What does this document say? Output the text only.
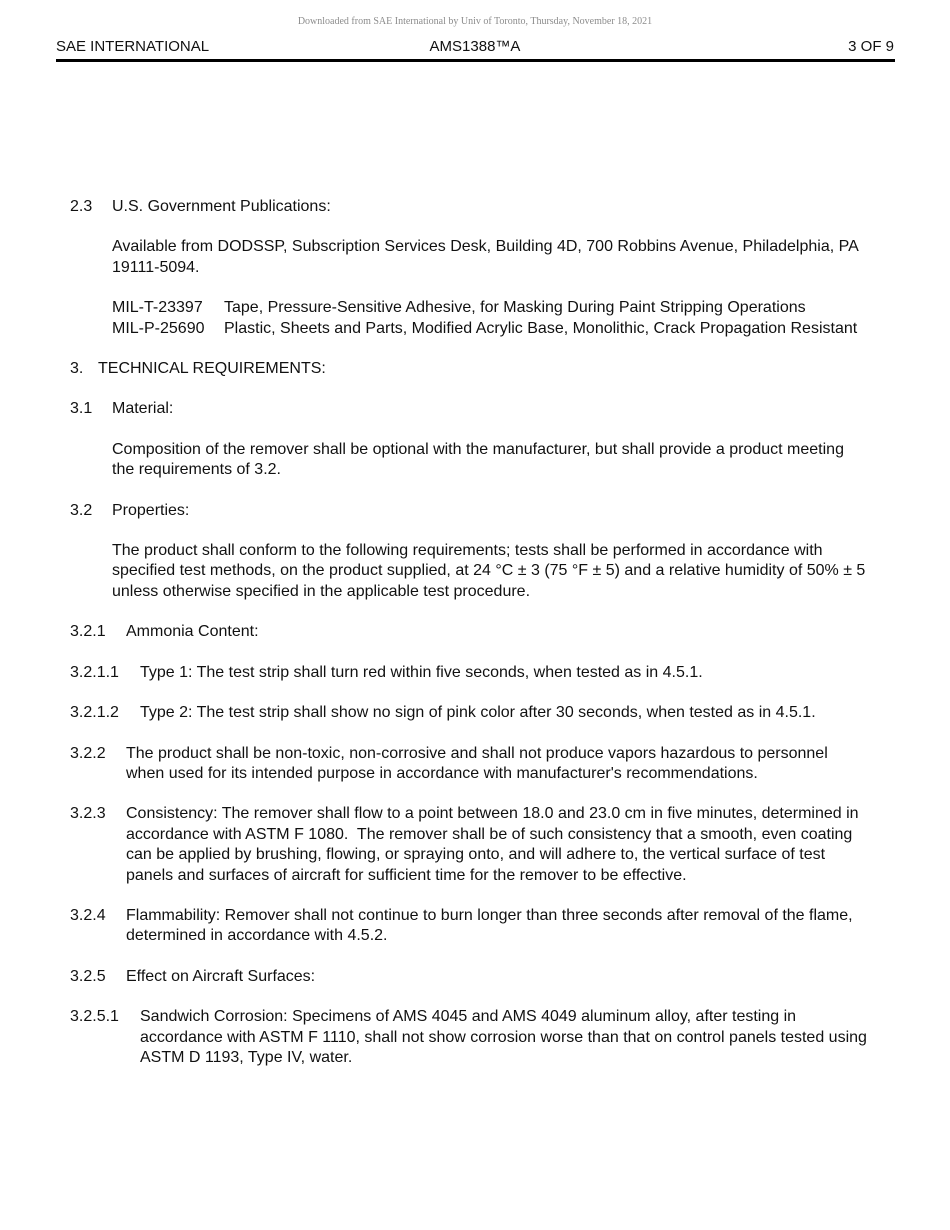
Downloaded from SAE International by Univ of Toronto, Thursday, November 18, 2021
SAE INTERNATIONAL	AMS1388™A	3 OF 9
2.3	U.S. Government Publications:
Available from DODSSP, Subscription Services Desk, Building 4D, 700 Robbins Avenue, Philadelphia, PA 19111-5094.
MIL-T-23397	Tape, Pressure-Sensitive Adhesive, for Masking During Paint Stripping Operations
MIL-P-25690	Plastic, Sheets and Parts, Modified Acrylic Base, Monolithic, Crack Propagation Resistant
3. TECHNICAL REQUIREMENTS:
3.1	Material:
Composition of the remover shall be optional with the manufacturer, but shall provide a product meeting the requirements of 3.2.
3.2	Properties:
The product shall conform to the following requirements; tests shall be performed in accordance with specified test methods, on the product supplied, at 24 °C ± 3 (75 °F ± 5) and a relative humidity of 50% ± 5 unless otherwise specified in the applicable test procedure.
3.2.1	Ammonia Content:
3.2.1.1	Type 1: The test strip shall turn red within five seconds, when tested as in 4.5.1.
3.2.1.2	Type 2: The test strip shall show no sign of pink color after 30 seconds, when tested as in 4.5.1.
3.2.2	The product shall be non-toxic, non-corrosive and shall not produce vapors hazardous to personnel when used for its intended purpose in accordance with manufacturer's recommendations.
3.2.3	Consistency: The remover shall flow to a point between 18.0 and 23.0 cm in five minutes, determined in accordance with ASTM F 1080.  The remover shall be of such consistency that a smooth, even coating can be applied by brushing, flowing, or spraying onto, and will adhere to, the vertical surface of test panels and surfaces of aircraft for sufficient time for the remover to be effective.
3.2.4	Flammability: Remover shall not continue to burn longer than three seconds after removal of the flame, determined in accordance with 4.5.2.
3.2.5	Effect on Aircraft Surfaces:
3.2.5.1	Sandwich Corrosion: Specimens of AMS 4045 and AMS 4049 aluminum alloy, after testing in accordance with ASTM F 1110, shall not show corrosion worse than that on control panels tested using ASTM D 1193, Type IV, water.
